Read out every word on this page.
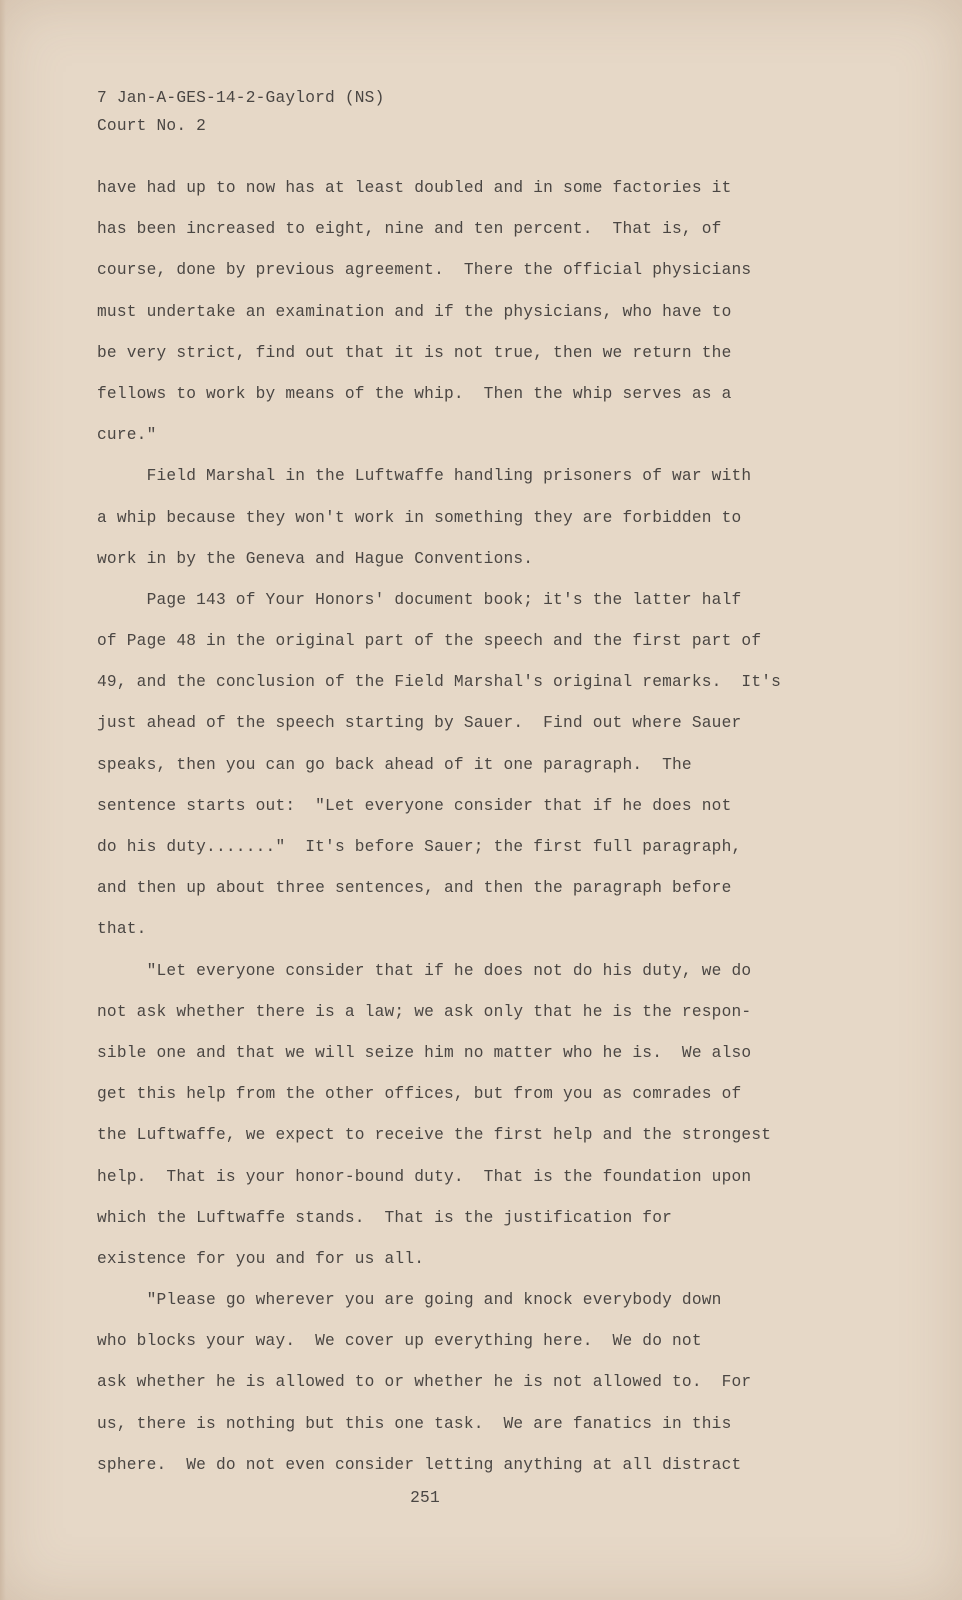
7 Jan-A-GES-14-2-Gaylord (NS)
Court No. 2
have had up to now has at least doubled and in some factories it
has been increased to eight, nine and ten percent.  That is, of
course, done by previous agreement.  There the official physicians
must undertake an examination and if the physicians, who have to
be very strict, find out that it is not true, then we return the
fellows to work by means of the whip.  Then the whip serves as a
cure."
Field Marshal in the Luftwaffe handling prisoners of war with
a whip because they won't work in something they are forbidden to
work in by the Geneva and Hague Conventions.
Page 143 of Your Honors' document book; it's the latter half
of Page 48 in the original part of the speech and the first part of
49, and the conclusion of the Field Marshal's original remarks.  It's
just ahead of the speech starting by Sauer.  Find out where Sauer
speaks, then you can go back ahead of it one paragraph.  The
sentence starts out:  "Let everyone consider that if he does not
do his duty......."  It's before Sauer; the first full paragraph,
and then up about three sentences, and then the paragraph before
that.
"Let everyone consider that if he does not do his duty, we do
not ask whether there is a law; we ask only that he is the respon-
sible one and that we will seize him no matter who he is.  We also
get this help from the other offices, but from you as comrades of
the Luftwaffe, we expect to receive the first help and the strongest
help.  That is your honor-bound duty.  That is the foundation upon
which the Luftwaffe stands.  That is the justification for
existence for you and for us all.
"Please go wherever you are going and knock everybody down
who blocks your way.  We cover up everything here.  We do not
ask whether he is allowed to or whether he is not allowed to.  For
us, there is nothing but this one task.  We are fanatics in this
sphere.  We do not even consider letting anything at all distract
251
